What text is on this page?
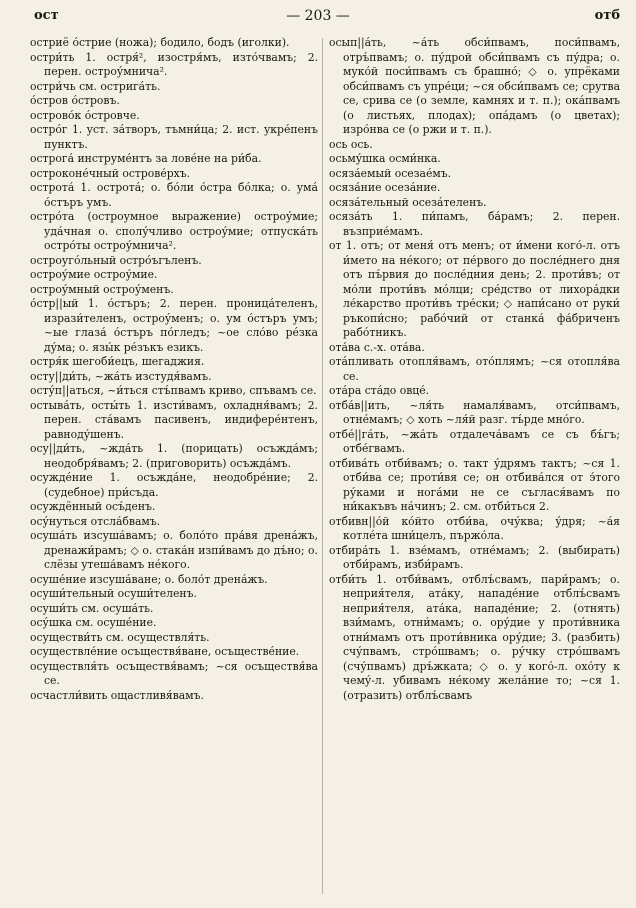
ост	— 203 —	отб

остриё о́стрие (ножа); бодило, бодъ (иголки).

остри́ть 1. остря́², изостря́мъ, изто́чвамъ; 2. перен. остроу́мнича².

остри́чь см. острига́ть.

о́стров о́стровъ.

острово́к о́стровче.

остро́г 1. уст. за́творъ, тъмни́ца; 2. ист. укре́пенъ пунктъ.

острога́ инструме́нтъ за лове́не на ри́ба.

остроконе́чный острове́рхъ.

острота́ 1. острота́; о. бо́ли о́стра бо́лка; о. ума́ о́стъръ умъ.

остро́та (остроумное выражение) остроу́мие; уда́чная о. сполу́чливо остроу́мие; отпуска́ть остро́ты остроу́мнича².

остроуго́льный остро́ъгъленъ.

остроу́мие остроу́мие.

остроу́мный остроу́менъ.

о́стр||ый 1. о́стъръ; 2. перен. проница́теленъ, изрази́теленъ, остроу́менъ; о. ум о́стъръ умъ; ~ые глаза́ о́стъръ по́гледъ; ~ое сло́во ре́зка ду́ма; о. язы́к ре́зъкъ езикъ.

остря́к шегоби́ецъ, шегаджия.

осту||ди́ть, ~жа́ть изстудя́вамъ.

осту́п||аться, ~и́ться стъ́пвамъ криво, спъвамъ се.

остыва́ть, осты́ть 1. изсти́вамъ, охладня́вамъ; 2. перен. ста́вамъ пасивенъ, индифере́нтенъ, равноду́шенъ.

осу||ди́ть, ~жда́ть 1. (порицать) осъжда́мъ; неодобря́вамъ; 2. (приговорить) осъжда́мъ.

осужде́ние 1. осъжда́не, неодобре́ние; 2. (судебное) при́съда.

осуждённый осъ́денъ.

осу́нуться отсла́бвамъ.

осуша́ть изсуша́вамъ; о. боло́то пра́вя дрена́жъ, дренажи́рамъ; ◇ о. стака́н изпи́вамъ до дъ́но; о. слёзы утеша́вамъ не́кого.

осуше́ние изсуша́ване; о. боло́т дрена́жъ.

осуши́тельный осуши́теленъ.

осуши́ть см. осуша́ть.

осу́шка см. осуше́ние.

осуществи́ть см. осуществля́ть.

осуществле́ние осъществя́ване, осъществе́ние.

осуществля́ть осъществя́вамъ; ~ся осъществя́ва се.

осчастли́вить ощастливя́вамъ.

осып||а́ть, ~а́ть обси́пвамъ, поси́пвамъ, отръ́пвамъ; о. пу́дрой обси́пвамъ съ пу́дра; о. муко́й поси́пвамъ съ брашно́; ◇ о. упрёками обси́пвамъ съ упре́ци; ~ся обси́пвамъ се; срутва се, срива се (о земле, камнях и т. п.); ока́пвамъ (о листьях, плодах); опа́дамъ (о цветах); изро́нва се (о ржи и т. п.).

ось ось.

осьму́шка осми́нка.

осяза́емый осезае́мъ.

осяза́ние осеза́ние.

осяза́тельный осеза́теленъ.

осяза́ть 1. пи́памъ, ба́рамъ; 2. перен. възприе́мамъ.

от 1. отъ; от меня́ отъ менъ; от и́мени кого́-л. отъ и́мето на не́кого; от пе́рвого до после́днего дня отъ пъ́рвия до после́дния день; 2. проти́въ; от мо́ли проти́въ мо́лци; сре́дство от лихора́дки ле́карство проти́въ тре́ски; ◇ напи́сано от руки́ ръкопи́сно; рабо́чий от станка́ фа́бриченъ рабо́тникъ.

ота́ва с.-х. ота́ва.

ота́пливать отопля́вамъ, ото́плямъ; ~ся отопля́ва се.

ота́ра ста́до овце́.

отба́в||ить, ~ля́ть намаля́вамъ, отси́пвамъ, отне́мамъ; ◇ хоть ~ля́й разг. тъ́рде мно́го.

отбе́||га́ть, ~жа́ть отдалеча́вамъ се съ бъ́гъ; отбе́гвамъ.

отбива́ть отби́вамъ; о. такт у́дрямъ тактъ; ~ся 1. отби́ва се; проти́вя се; он отбива́лся от э́того ру́ками и нога́ми не се съглася́вамъ по ни́какъвъ на́чинъ; 2. см. отби́ться 2.

отбивн||о́й ко́йто отби́ва, очу́ква; у́дря; ~а́я котле́та шни́целъ, пържо́ла.

отбира́ть 1. взе́мамъ, отне́мамъ; 2. (выбирать) отби́рамъ, изби́рамъ.

отби́ть 1. отби́вамъ, отблъ́свамъ, пари́рамъ; о. неприя́теля, ата́ку, нападе́ние отблъ́свамъ неприя́теля, ата́ка, нападе́ние; 2. (отнять) взи́мамъ, отни́мамъ; о. ору́дие у проти́вника отни́мамъ отъ проти́вника ору́дие; 3. (разбить) счу́пвамъ, стро́швамъ; о. ру́чку стро́швамъ (счу́пвамъ) дръ́жката; ◇ о. у кого́-л. охо́ту к чему́-л. убивамъ не́кому жела́ние то; ~ся 1. (отразить) отблъ́свамъ
